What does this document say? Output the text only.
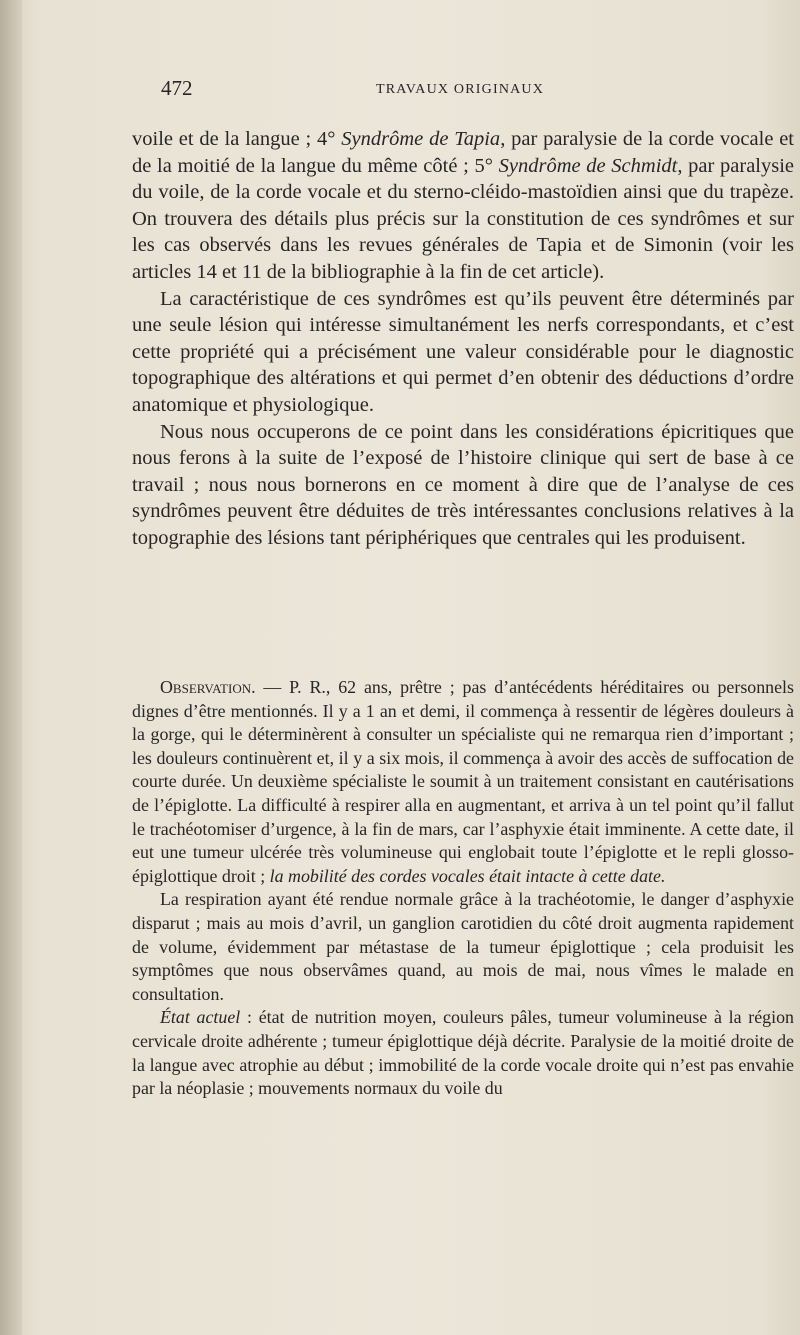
472	TRAVAUX ORIGINAUX

voile et de la langue ; 4° Syndrôme de Tapia, par paralysie de la corde vocale et de la moitié de la langue du même côté ; 5° Syndrôme de Schmidt, par paralysie du voile, de la corde vocale et du sterno-cléido-mastoïdien ainsi que du trapèze. On trouvera des détails plus précis sur la constitution de ces syndrômes et sur les cas observés dans les revues générales de Tapia et de Simonin (voir les articles 14 et 11 de la bibliographie à la fin de cet article).

La caractéristique de ces syndrômes est qu’ils peuvent être déterminés par une seule lésion qui intéresse simultanément les nerfs correspondants, et c’est cette propriété qui a précisément une valeur considérable pour le diagnostic topographique des altérations et qui permet d’en obtenir des déductions d’ordre anatomique et physiologique.

Nous nous occuperons de ce point dans les considérations épicritiques que nous ferons à la suite de l’exposé de l’histoire clinique qui sert de base à ce travail ; nous nous bornerons en ce moment à dire que de l’analyse de ces syndrômes peuvent être déduites de très intéressantes conclusions relatives à la topographie des lésions tant périphériques que centrales qui les produisent.

Observation. — P. R., 62 ans, prêtre ; pas d’antécédents héréditaires ou personnels dignes d’être mentionnés. Il y a 1 an et demi, il commença à ressentir de légères douleurs à la gorge, qui le déterminèrent à consulter un spécialiste qui ne remarqua rien d’important ; les douleurs continuèrent et, il y a six mois, il commença à avoir des accès de suffocation de courte durée. Un deuxième spécialiste le soumit à un traitement consistant en cautérisations de l’épiglotte. La difficulté à respirer alla en augmentant, et arriva à un tel point qu’il fallut le trachéotomiser d’urgence, à la fin de mars, car l’asphyxie était imminente. A cette date, il eut une tumeur ulcérée très volumineuse qui englobait toute l’épiglotte et le repli glosso-épiglottique droit ; la mobilité des cordes vocales était intacte à cette date.

La respiration ayant été rendue normale grâce à la trachéotomie, le danger d’asphyxie disparut ; mais au mois d’avril, un ganglion carotidien du côté droit augmenta rapidement de volume, évidemment par métastase de la tumeur épiglottique ; cela produisit les symptômes que nous observâmes quand, au mois de mai, nous vîmes le malade en consultation.

État actuel : état de nutrition moyen, couleurs pâles, tumeur volumineuse à la région cervicale droite adhérente ; tumeur épiglottique déjà décrite. Paralysie de la moitié droite de la langue avec atrophie au début ; immobilité de la corde vocale droite qui n’est pas envahie par la néoplasie ; mouvements normaux du voile du
